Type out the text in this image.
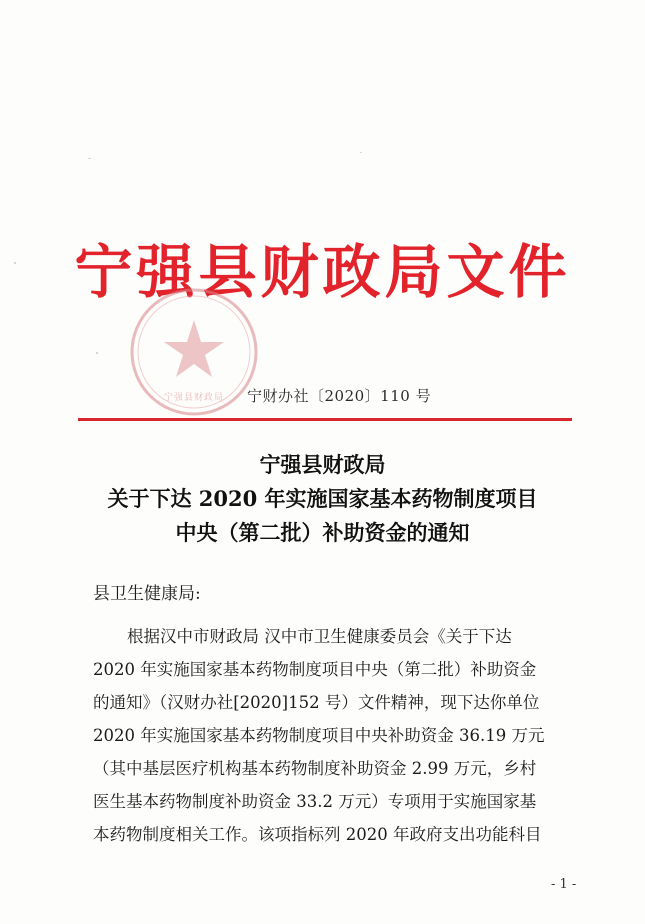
宁强县财政局文件
宁强县财政局 宁财办社〔2020〕110 号
宁强县财政局
关于下达 2020 年实施国家基本药物制度项目
中央（第二批）补助资金的通知
县卫生健康局:
根据汉中市财政局 汉中市卫生健康委员会《关于下达
2020 年实施国家基本药物制度项目中央（第二批）补助资金
的通知》（汉财办社[2020]152 号）文件精神，现下达你单位
2020 年实施国家基本药物制度项目中央补助资金 36.19 万元
（其中基层医疗机构基本药物制度补助资金 2.99 万元，乡村
医生基本药物制度补助资金 33.2 万元）专项用于实施国家基
本药物制度相关工作。该项指标列 2020 年政府支出功能科目
- 1 -
